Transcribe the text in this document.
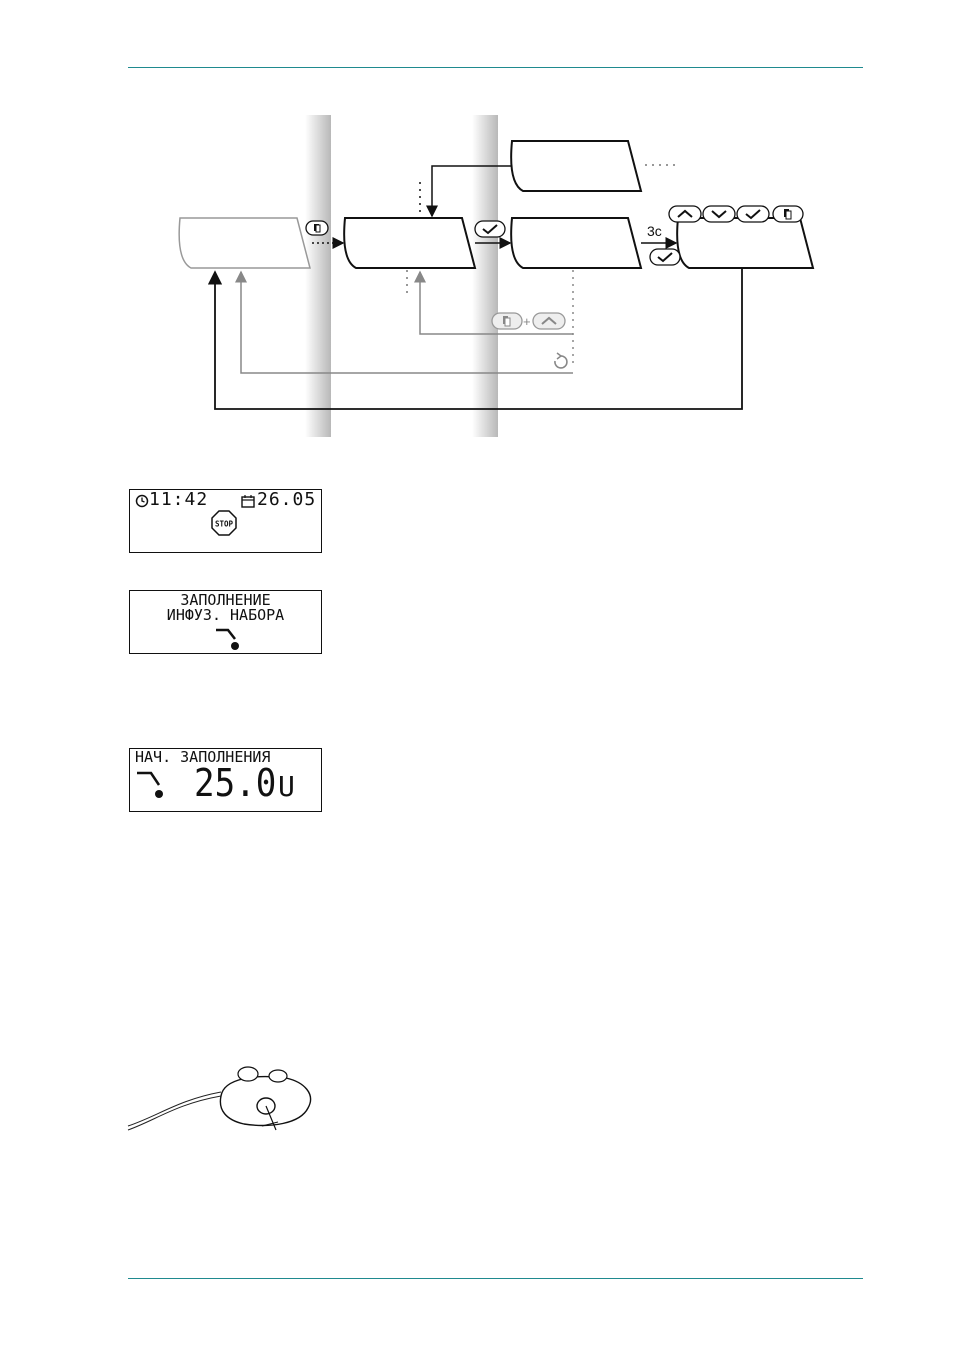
+
3с
11:42	26.05
STOP
ЗАПОЛНЕНИЕ
ИНФУЗ. НАБОРА
НАЧ. ЗАПОЛНЕНИЯ
25.0 U
